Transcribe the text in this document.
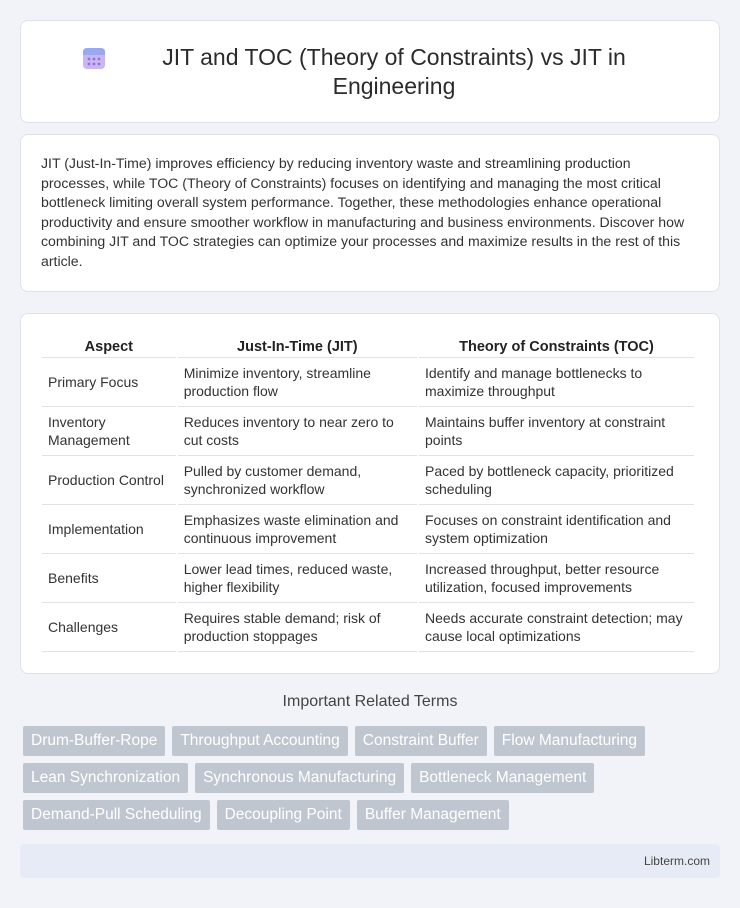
JIT and TOC (Theory of Constraints) vs JIT in Engineering

JIT (Just-In-Time) improves efficiency by reducing inventory waste and streamlining production processes, while TOC (Theory of Constraints) focuses on identifying and managing the most critical bottleneck limiting overall system performance. Together, these methodologies enhance operational productivity and ensure smoother workflow in manufacturing and business environments. Discover how combining JIT and TOC strategies can optimize your processes and maximize results in the rest of this article.

Aspect	Just-In-Time (JIT)	Theory of Constraints (TOC)
Primary Focus	Minimize inventory, streamline production flow	Identify and manage bottlenecks to maximize throughput
Inventory Management	Reduces inventory to near zero to cut costs	Maintains buffer inventory at constraint points
Production Control	Pulled by customer demand, synchronized workflow	Paced by bottleneck capacity, prioritized scheduling
Implementation	Emphasizes waste elimination and continuous improvement	Focuses on constraint identification and system optimization
Benefits	Lower lead times, reduced waste, higher flexibility	Increased throughput, better resource utilization, focused improvements
Challenges	Requires stable demand; risk of production stoppages	Needs accurate constraint detection; may cause local optimizations
Important Related Terms
Drum-Buffer-Rope	Throughput Accounting	Constraint Buffer	Flow Manufacturing
Lean Synchronization	Synchronous Manufacturing	Bottleneck Management
Demand-Pull Scheduling	Decoupling Point	Buffer Management
Libterm.com
